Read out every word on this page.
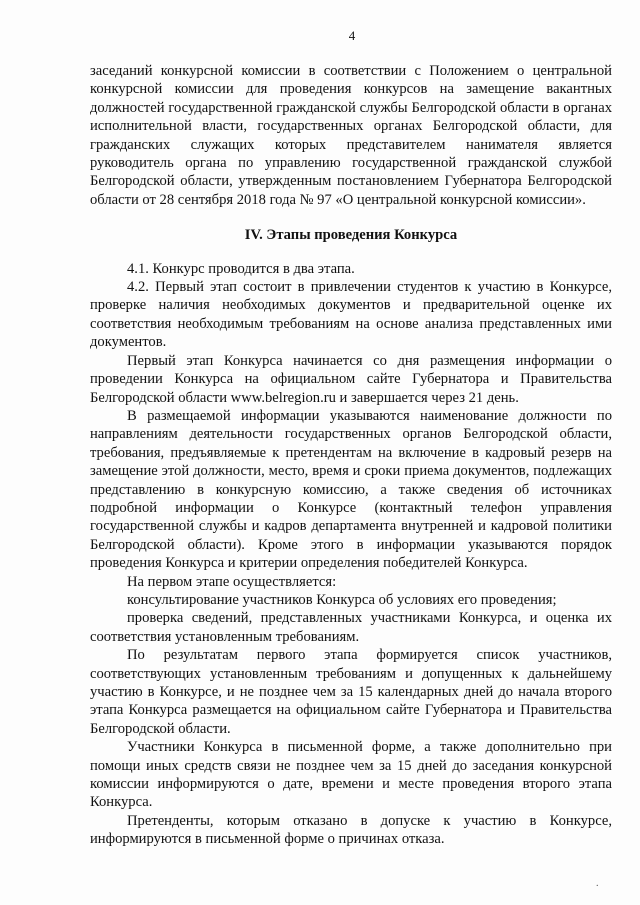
4

заседаний конкурсной комиссии в соответствии с Положением о центральной конкурсной комиссии для проведения конкурсов на замещение вакантных должностей государственной гражданской службы Белгородской области в органах исполнительной власти, государственных органах Белгородской области, для гражданских служащих которых представителем нанимателя является руководитель органа по управлению государственной гражданской службой Белгородской области, утвержденным постановлением Губернатора Белгородской области от 28 сентября 2018 года № 97 «О центральной конкурсной комиссии».

IV. Этапы проведения Конкурса

4.1. Конкурс проводится в два этапа.

4.2. Первый этап состоит в привлечении студентов к участию в Конкурсе, проверке наличия необходимых документов и предварительной оценке их соответствия необходимым требованиям на основе анализа представленных ими документов.

Первый этап Конкурса начинается со дня размещения информации о проведении Конкурса на официальном сайте Губернатора и Правительства Белгородской области www.belregion.ru и завершается через 21 день.

В размещаемой информации указываются наименование должности по направлениям деятельности государственных органов Белгородской области, требования, предъявляемые к претендентам на включение в кадровый резерв на замещение этой должности, место, время и сроки приема документов, подлежащих представлению в конкурсную комиссию, а также сведения об источниках подробной информации о Конкурсе (контактный телефон управления государственной службы и кадров департамента внутренней и кадровой политики Белгородской области). Кроме этого в информации указываются порядок проведения Конкурса и критерии определения победителей Конкурса.

На первом этапе осуществляется:

консультирование участников Конкурса об условиях его проведения;

проверка сведений, представленных участниками Конкурса, и оценка их соответствия установленным требованиям.

По результатам первого этапа формируется список участников, соответствующих установленным требованиям и допущенных к дальнейшему участию в Конкурсе, и не позднее чем за 15 календарных дней до начала второго этапа Конкурса размещается на официальном сайте Губернатора и Правительства Белгородской области.

Участники Конкурса в письменной форме, а также дополнительно при помощи иных средств связи не позднее чем за 15 дней до заседания конкурсной комиссии информируются о дате, времени и месте проведения второго этапа Конкурса.

Претенденты, которым отказано в допуске к участию в Конкурсе, информируются в письменной форме о причинах отказа.

.
